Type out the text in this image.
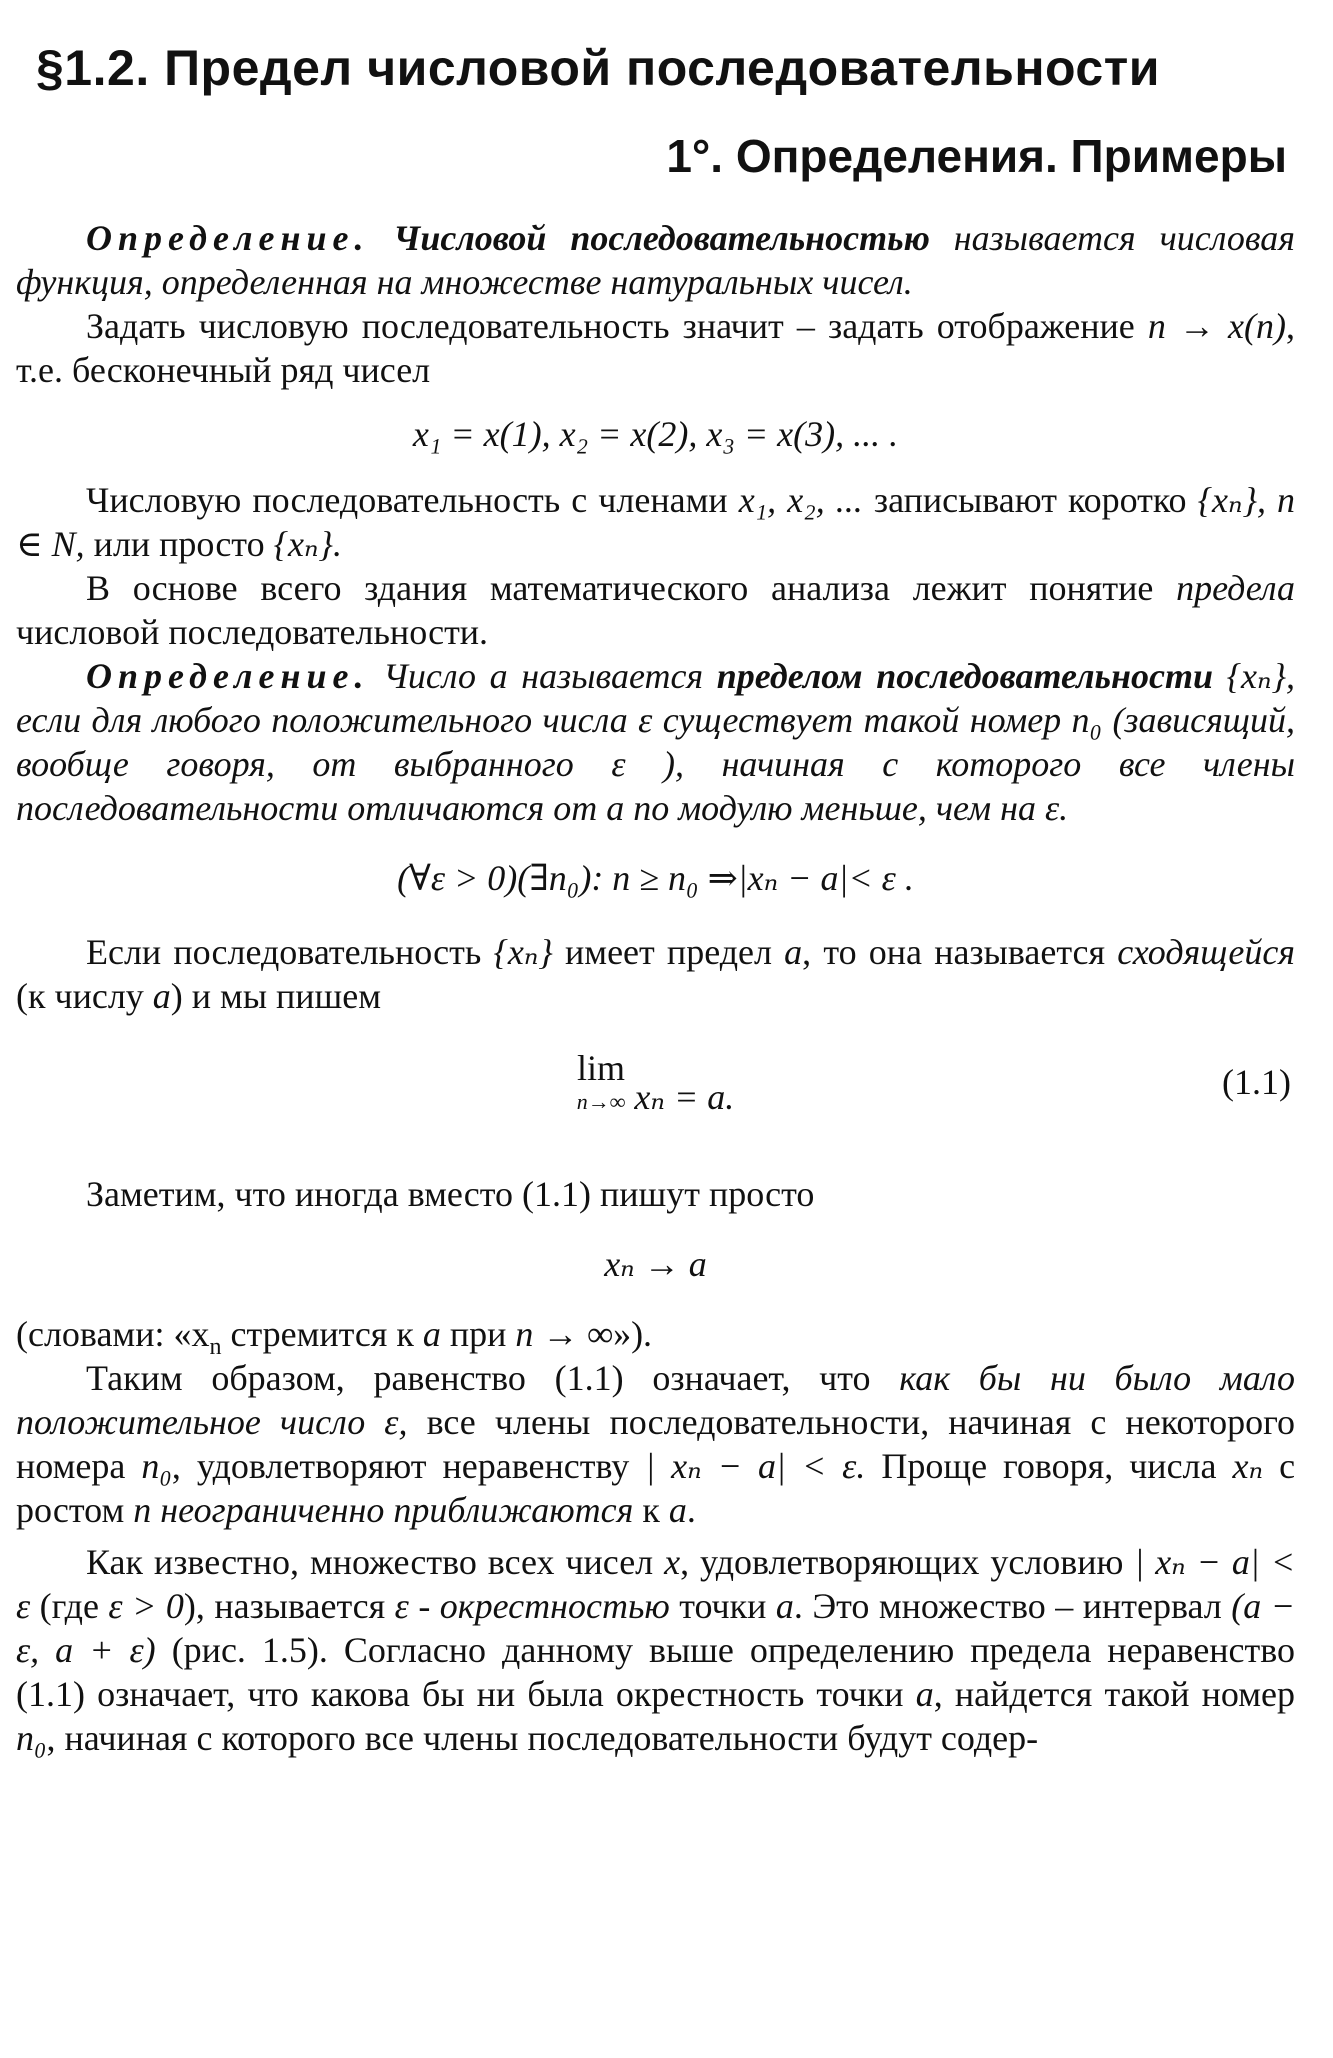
§1.2. Предел числовой последовательности
1°. Определения. Примеры

Определение. Числовой последовательностью называется числовая функция, определенная на множестве натуральных чисел.

Задать числовую последовательность значит – задать отображение n → x(n), т.е. бесконечный ряд чисел

x₁ = x(1), x₂ = x(2), x₃ = x(3), ... .

Числовую последовательность с членами x₁, x₂, ... записывают коротко {xₙ}, n ∈ N, или просто {xₙ}.

В основе всего здания математического анализа лежит понятие предела числовой последовательности.

Определение. Число a называется пределом последовательности {xₙ}, если для любого положительного числа ε существует такой номер n₀ (зависящий, вообще говоря, от выбранного ε ), начиная с которого все члены последовательности отличаются от a по модулю меньше, чем на ε.

(∀ε > 0)(∃n₀): n ≥ n₀ ⇒|xₙ − a|< ε .

Если последовательность {xₙ} имеет предел a, то она называется сходящейся (к числу a) и мы пишем

lim
n→∞ xₙ = a.	(1.1)

Заметим, что иногда вместо (1.1) пишут просто

xₙ → a

(словами: «$x_n$ стремится к a при n → ∞»).

Таким образом, равенство (1.1) означает, что как бы ни было мало положительное число ε, все члены последовательности, начиная с некоторого номера n₀, удовлетворяют неравенству | xₙ − a| < ε. Проще говоря, числа xₙ с ростом n неограниченно приближаются к a.

Как известно, множество всех чисел x, удовлетворяющих условию | xₙ − a| < ε (где ε > 0), называется ε - окрестностью точки a. Это множество – интервал (a − ε, a + ε) (рис. 1.5). Согласно данному выше определению предела неравенство (1.1) означает, что какова бы ни была окрестность точки a, найдется такой номер n₀, начиная с которого все члены последовательности будут содер-
